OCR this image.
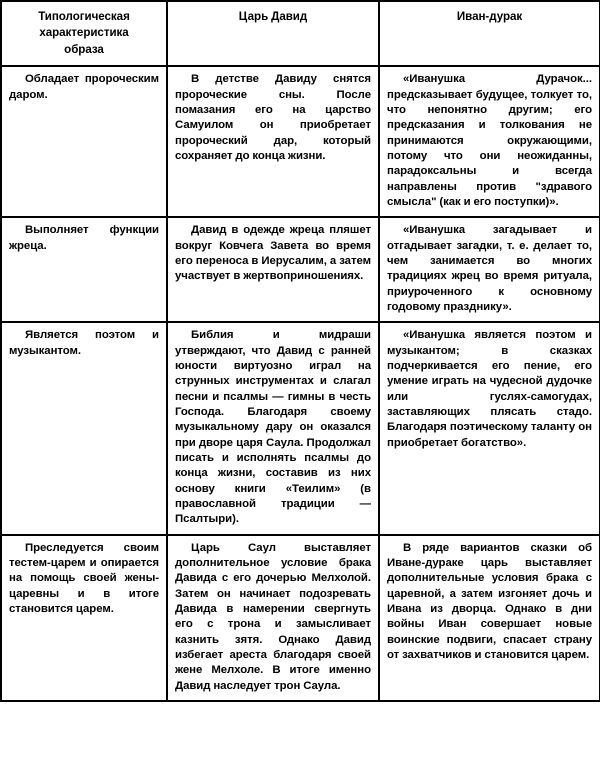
Типологическая
характеристика
образа	Царь Давид	Иван-дурак
Обладает пророческим даром.	В детстве Давиду снятся пророческие сны. После помазания его на царство Самуилом он приобретает пророческий дар, который сохраняет до конца жизни.	«Иванушка Дурачок... предсказывает будущее, толкует то, что непонятно другим; его предсказания и толкования не принимаются окружающими, потому что они неожиданны, парадоксальны и всегда направлены против "здравого смысла" (как и его поступки)».
Выполняет функции жреца.	Давид в одежде жреца пляшет вокруг Ковчега Завета во время его переноса в Иерусалим, а затем участвует в жертвоприношениях.	«Иванушка загадывает и отгадывает загадки, т. е. делает то, чем занимается во многих традициях жрец во время ритуала, приуроченного к основному годовому празднику».
Является поэтом и музыкантом.	Библия и мидраши утверждают, что Давид с ранней юности виртуозно играл на струнных инструментах и слагал песни и псалмы — гимны в честь Господа. Благодаря своему музыкальному дару он оказался при дворе царя Саула. Продолжал писать и исполнять псалмы до конца жизни, составив из них основу книги «Теилим» (в православной традиции — Псалтыри).	«Иванушка является поэтом и музыкантом; в сказках подчеркивается его пение, его умение играть на чудесной дудочке или гуслях-самогудах, заставляющих плясать стадо. Благодаря поэтическому таланту он приобретает богатство».
Преследуется своим тестем-царем и опирается на помощь своей жены-царевны и в итоге становится царем.	Царь Саул выставляет дополнительное условие брака Давида с его дочерью Мелхолой. Затем он начинает подозревать Давида в намерении свергнуть его с трона и замысливает казнить зятя. Однако Давид избегает ареста благодаря своей жене Мелхоле. В итоге именно Давид наследует трон Саула.	В ряде вариантов сказки об Иване-дураке царь выставляет дополнительные условия брака с царевной, а затем изгоняет дочь и Ивана из дворца. Однако в дни войны Иван совершает новые воинские подвиги, спасает страну от захватчиков и становится царем.
